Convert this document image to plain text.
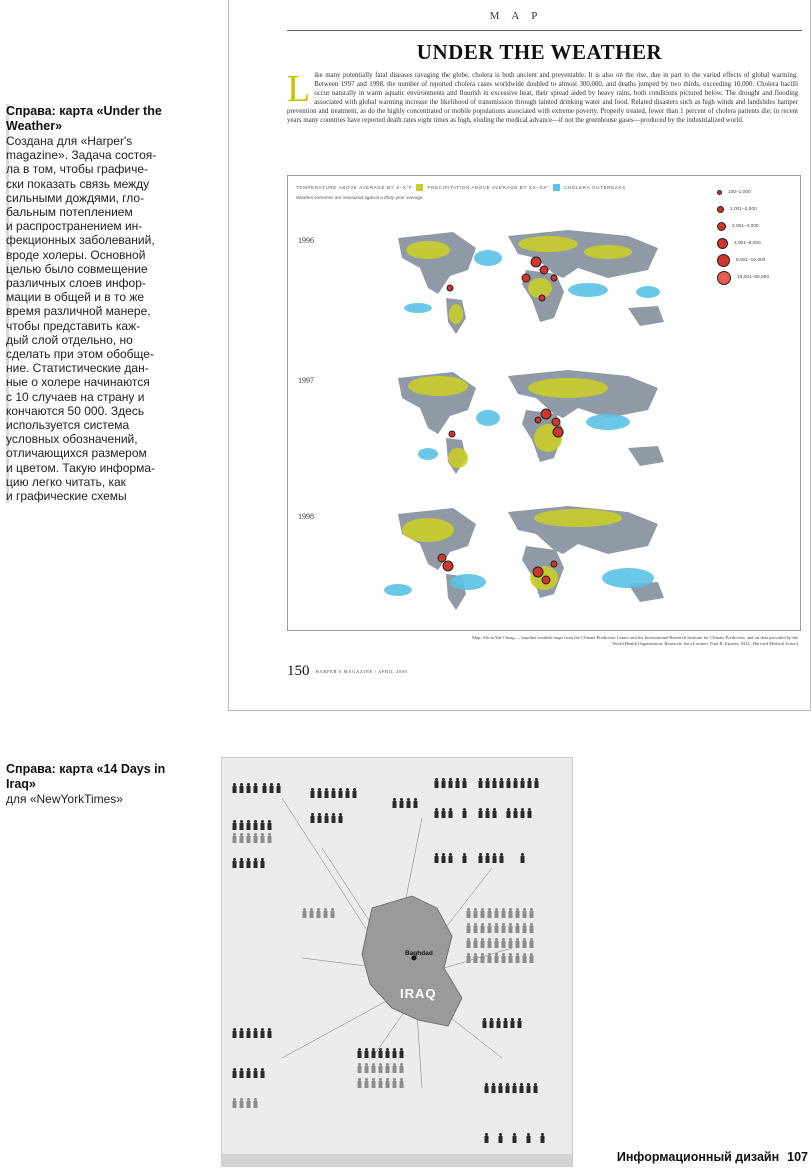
Справа: карта «Under the Weather»
Создана для «Harper's
magazine». Задача состоя-
ла в том, чтобы графиче-
ски показать связь между
сильными дождями, гло-
бальным потеплением
и распространением ин-
фекционных заболеваний,
вроде холеры. Основной
целью было совмещение
различных слоев инфор-
мации в общей и в то же
время различной манере,
чтобы представить каж-
дый слой отдельно, но
сделать при этом обобще-
ние. Статистические дан-
ные о холере начинаются
с 10 случаев на страну и
кончаются 50 000. Здесь
используется система
условных обозначений,
отличающихся размером
и цветом. Такую информа-
цию легко читать, как
и графические схемы
Справа: карта «14 Days in Iraq»
для «NewYorkTimes»
MAP
UNDER THE WEATHER
L ike many potentially fatal diseases ravaging the globe, cholera is both ancient and preventable. It is also on the rise, due in part to the varied effects of global warming. Between 1997 and 1998, the number of reported cholera cases worldwide doubled to almost 300,000, and deaths jumped by two thirds, exceeding 10,000. Cholera bacilli occur naturally in warm aquatic environments and flourish in excessive heat, their spread aided by heavy rains, both conditions pictured below. The drought and flooding associated with global warming increase the likelihood of transmission through tainted drinking water and food. Related disasters such as high winds and landslides hamper prevention and treatment, as do the highly concentrated or mobile populations associated with extreme poverty. Properly treated, fewer than 1 percent of cholera patients die; in recent years many countries have reported death rates eight times as high, eluding the medical advance—if not the greenhouse gases—produced by the industrialized world.
TEMPERATURE ABOVE AVERAGE BY X–X°F	PRECIPITATION ABOVE AVERAGE BY XX–XX"	CHOLERA OUTBREAKS
Weather extremes are measured against a thirty-year average.
100–1,000
1,001–2,000
2,001–4,000
4,001–8,000
8,001–16,000
16,001–50,000
1996
1997
1998
Map: Alicia Yin Cheng—, baseline weather maps from the Climate Prediction Center and the International Research Institute for Climate Prediction, and on data provided by the
World Health Organization. Research: Sara Lorimer, Paul R. Epstein, M.D., Harvard Medical School
150 HARPER'S MAGAZINE / APRIL 2000
Baghdad
IRAQ
Информационный дизайн 107
